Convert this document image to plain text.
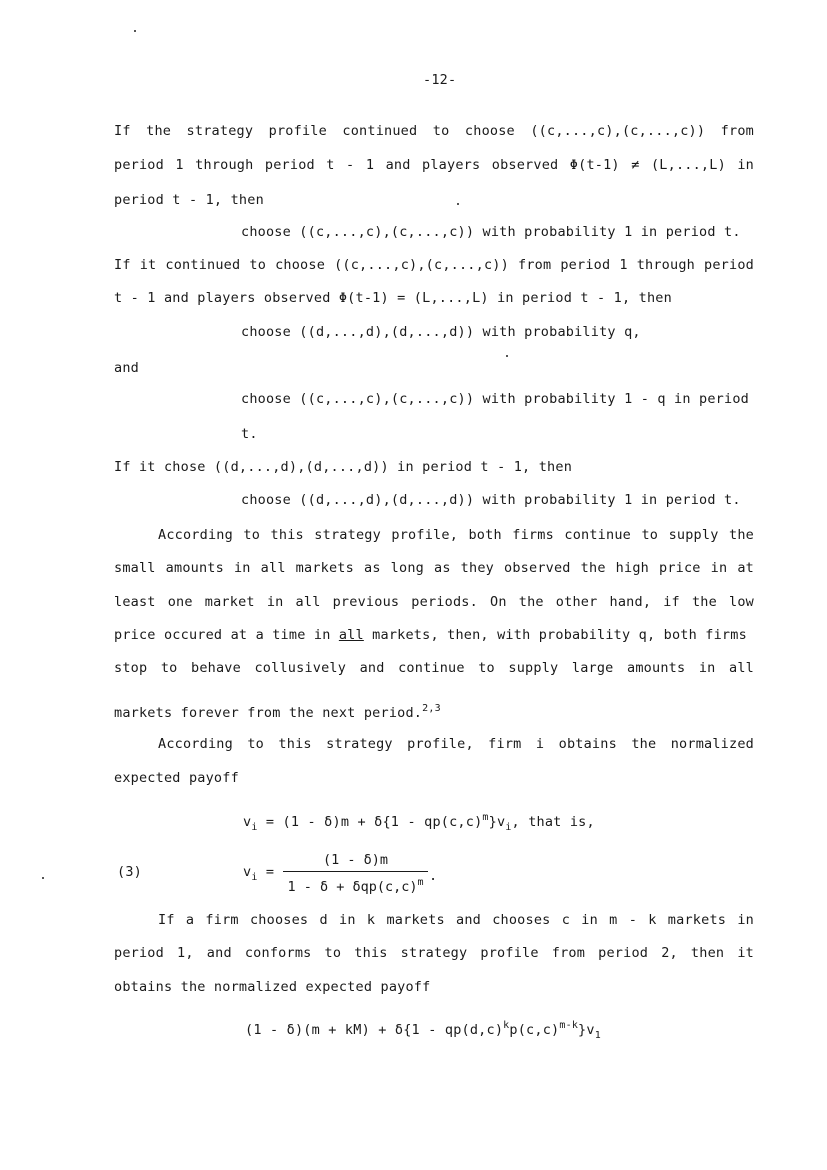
-12-
If the strategy profile continued to choose ((c,...,c),(c,...,c)) from
period 1 through period t - 1 and players observed Φ(t-1) ≠ (L,...,L) in
period t - 1, then
choose ((c,...,c),(c,...,c)) with probability 1 in period t.
If it continued to choose ((c,...,c),(c,...,c)) from period 1 through period
t - 1 and players observed Φ(t-1) = (L,...,L) in period t - 1, then
choose ((d,...,d),(d,...,d)) with probability q,
and
choose ((c,...,c),(c,...,c)) with probability 1 - q in period
t.
If it chose ((d,...,d),(d,...,d)) in period t - 1, then
choose ((d,...,d),(d,...,d)) with probability 1 in period t.
According to this strategy profile, both firms continue to supply the
small amounts in all markets as long as they observed the high price in at
least one market in all previous periods. On the other hand, if the low
price occured at a time in all markets, then, with probability q, both firms
stop to behave collusively and continue to supply large amounts in all
markets forever from the next period.$^{2,3}$
According to this strategy profile, firm i obtains the normalized
expected payoff
$v_i = (1 - \delta)m + \delta\{1 - qp(c,c)^m\}v_i$, that is,
(3)	$v_i$ =
(1 - δ)m
$1 - \delta + \delta qp(c,c)^m$ .
If a firm chooses d in k markets and chooses c in m - k markets in
period 1, and conforms to this strategy profile from period 2, then it
obtains the normalized expected payoff
$(1 - \delta)(m + kM) + \delta\{1 - qp(d,c)^kp(c,c)^{m-k}\}v_1$
